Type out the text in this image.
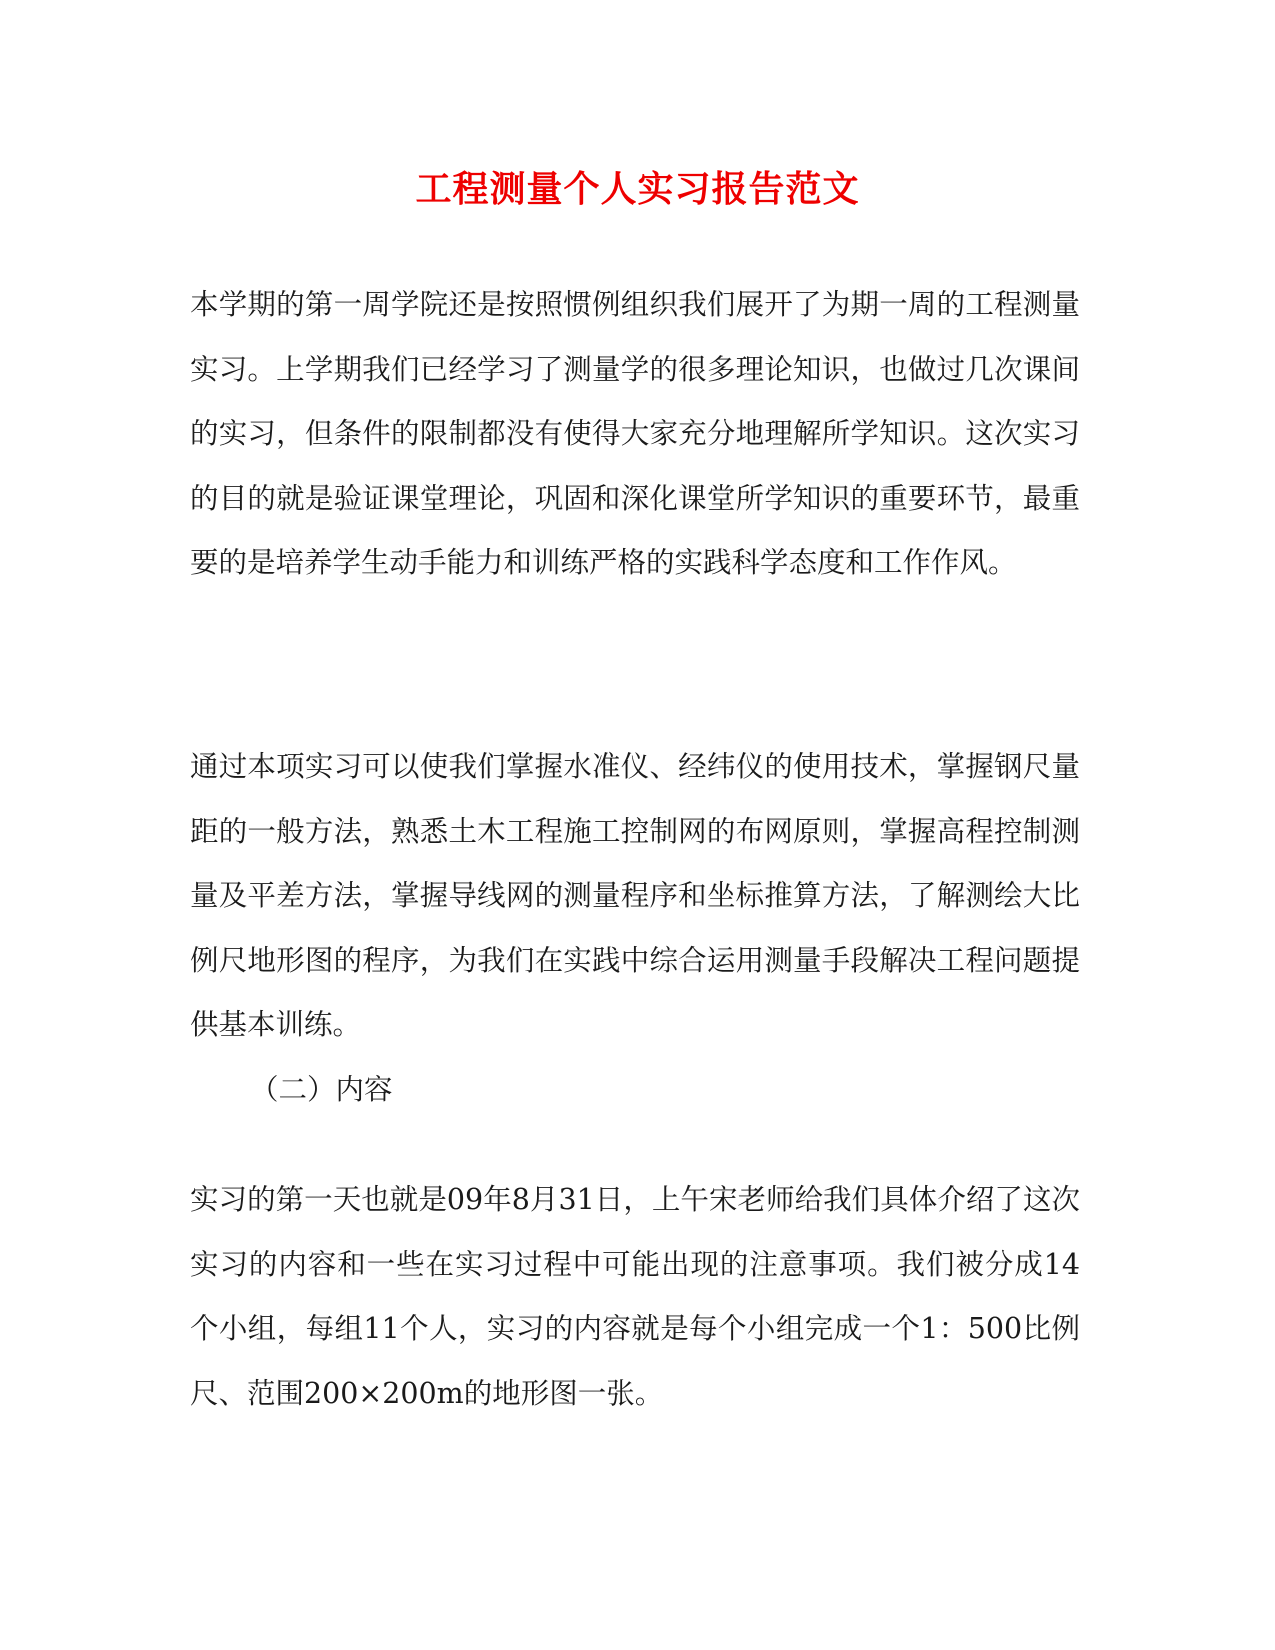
工程测量个人实习报告范文

本学期的第一周学院还是按照惯例组织我们展开了为期一周的工程测量实习。上学期我们已经学习了测量学的很多理论知识，也做过几次课间的实习，但条件的限制都没有使得大家充分地理解所学知识。这次实习的目的就是验证课堂理论，巩固和深化课堂所学知识的重要环节，最重要的是培养学生动手能力和训练严格的实践科学态度和工作作风。

通过本项实习可以使我们掌握水准仪、经纬仪的使用技术，掌握钢尺量距的一般方法，熟悉土木工程施工控制网的布网原则，掌握高程控制测量及平差方法，掌握导线网的测量程序和坐标推算方法，了解测绘大比例尺地形图的程序，为我们在实践中综合运用测量手段解决工程问题提供基本训练。

（二）内容

实习的第一天也就是09年8月31日，上午宋老师给我们具体介绍了这次实习的内容和一些在实习过程中可能出现的注意事项。我们被分成14个小组，每组11个人，实习的内容就是每个小组完成一个1：500比例尺、范围200×200m的地形图一张。
